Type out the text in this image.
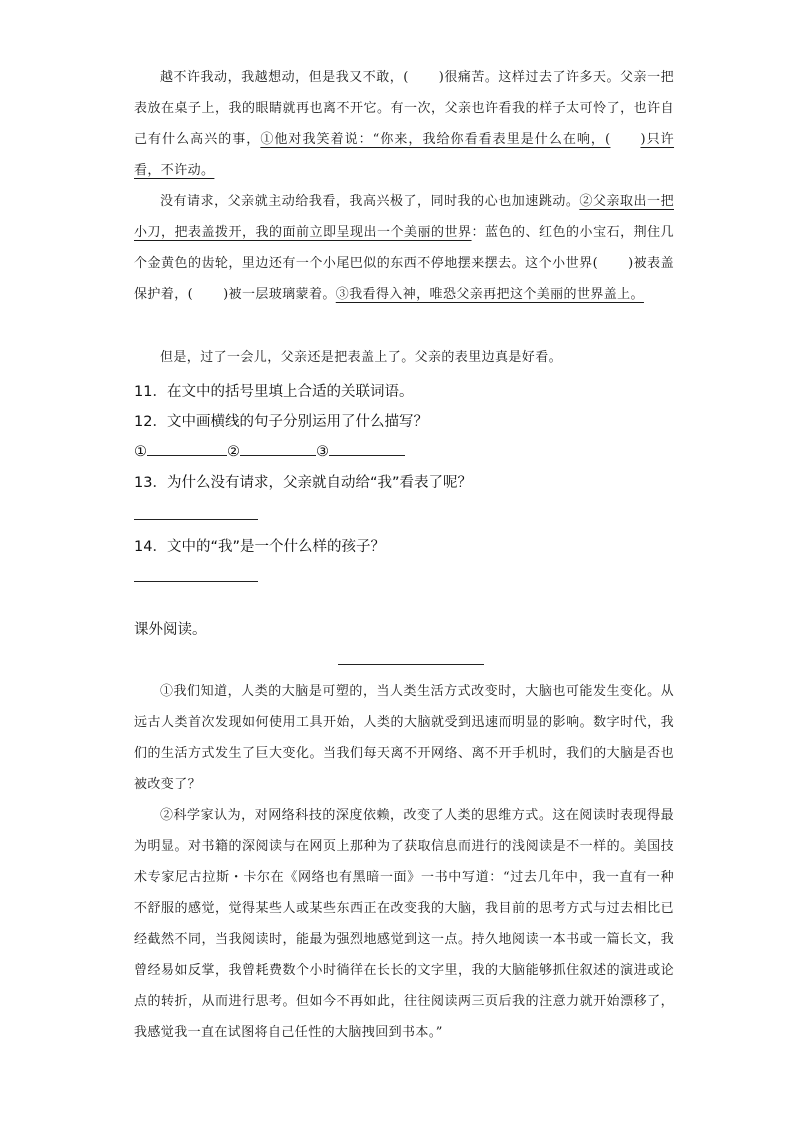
越不许我动，我越想动，但是我又不敢，( )很痛苦。这样过去了许多天。父亲一把表放在桌子上，我的眼睛就再也离不开它。有一次，父亲也许看我的样子太可怜了，也许自己有什么高兴的事，①他对我笑着说：“你来，我给你看看表里是什么在响，( )只许看，不许动。

没有请求，父亲就主动给我看，我高兴极了，同时我的心也加速跳动。②父亲取出一把小刀，把表盖拨开，我的面前立即呈现出一个美丽的世界：蓝色的、红色的小宝石，荆住几个金黄色的齿轮，里边还有一个小尾巴似的东西不停地摆来摆去。这个小世界( )被表盖保护着，( )被一层玻璃蒙着。③我看得入神，唯恐父亲再把这个美丽的世界盖上。

但是，过了一会儿，父亲还是把表盖上了。父亲的表里边真是好看。

11．在文中的括号里填上合适的关联词语。

12．文中画横线的句子分别运用了什么描写？

①	②	③

13．为什么没有请求，父亲就自动给“我”看表了呢？

14．文中的“我”是一个什么样的孩子？

课外阅读。

①我们知道，人类的大脑是可塑的，当人类生活方式改变时，大脑也可能发生变化。从远古人类首次发现如何使用工具开始，人类的大脑就受到迅速而明显的影响。数字时代，我们的生活方式发生了巨大变化。当我们每天离不开网络、离不开手机时，我们的大脑是否也被改变了？

②科学家认为，对网络科技的深度依赖，改变了人类的思维方式。这在阅读时表现得最为明显。对书籍的深阅读与在网页上那种为了获取信息而进行的浅阅读是不一样的。美国技术专家尼古拉斯・卡尔在《网络也有黑暗一面》一书中写道：“过去几年中，我一直有一种不舒服的感觉，觉得某些人或某些东西正在改变我的大脑，我目前的思考方式与过去相比已经截然不同，当我阅读时，能最为强烈地感觉到这一点。持久地阅读一本书或一篇长文，我曾经易如反掌，我曾耗费数个小时徜徉在长长的文字里，我的大脑能够抓住叙述的演进或论点的转折，从而进行思考。但如今不再如此，往往阅读两三页后我的注意力就开始漂移了，我感觉我一直在试图将自己任性的大脑拽回到书本。”
